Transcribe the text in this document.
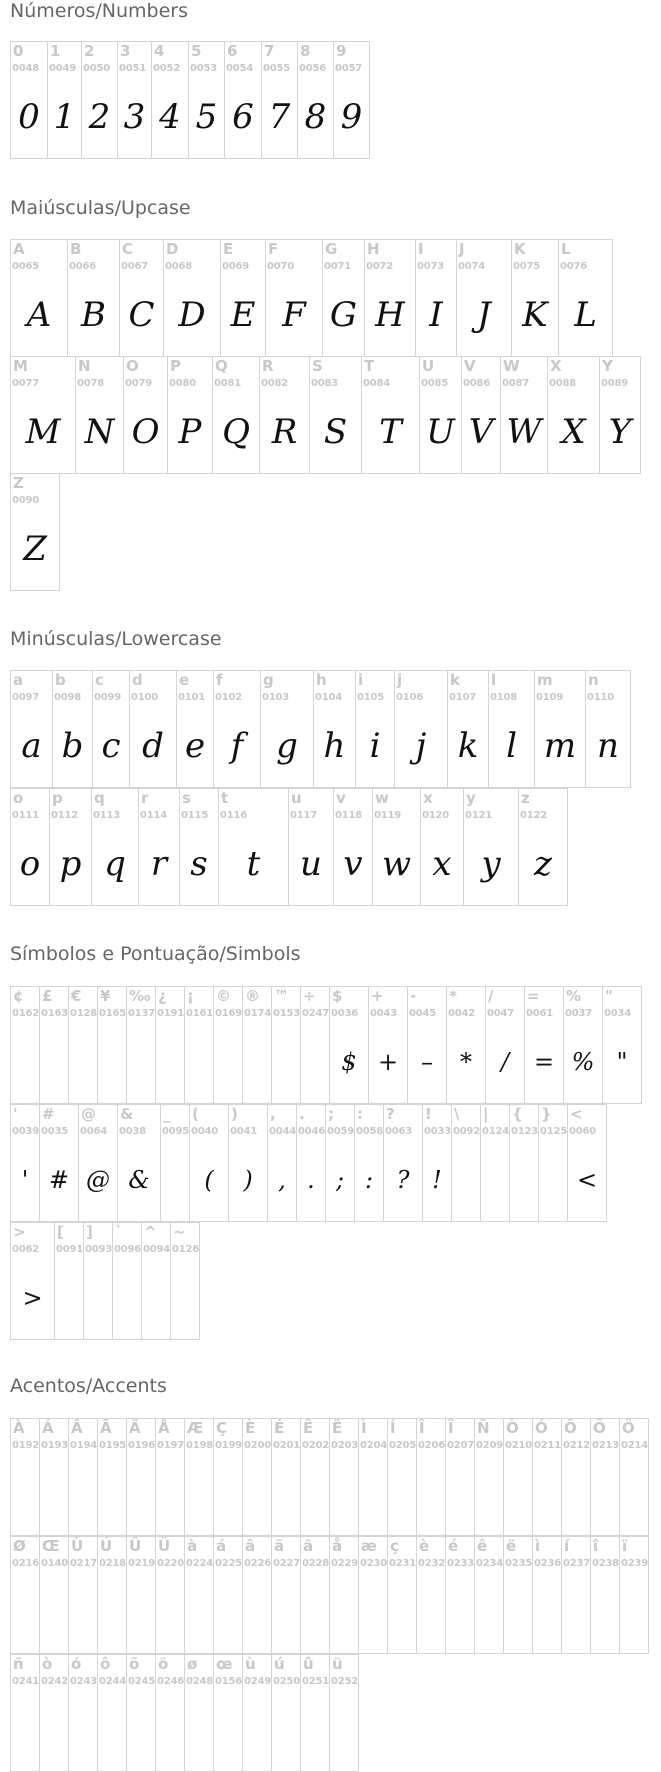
Números/Numbers
0
0048
0
1
0049
1
2
0050
2
3
0051
3
4
0052
4
5
0053
5
6
0054
6
7
0055
7
8
0056
8
9
0057
9
Maiúsculas/Upcase
A
0065
A
B
0066
B
C
0067
C
D
0068
D
E
0069
E
F
0070
F
G
0071
G
H
0072
H
I
0073
I
J
0074
J
K
0075
K
L
0076
L
M
0077
M
N
0078
N
O
0079
O
P
0080
P
Q
0081
Q
R
0082
R
S
0083
S
T
0084
T
U
0085
U
V
0086
V
W
0087
W
X
0088
X
Y
0089
Y
Z
0090
Z
Minúsculas/Lowercase
a
0097
a
b
0098
b
c
0099
c
d
0100
d
e
0101
e
f
0102
f
g
0103
g
h
0104
h
i
0105
i
j
0106
j
k
0107
k
l
0108
l
m
0109
m
n
0110
n
o
0111
o
p
0112
p
q
0113
q
r
0114
r
s
0115
s
t
0116
t
u
0117
u
v
0118
v
w
0119
w
x
0120
x
y
0121
y
z
0122
z
Símbolos e Pontuação/Simbols
¢
0162
£
0163
€
0128
¥
0165
‰
0137
¿
0191
¡
0161
©
0169
®
0174
™
0153
÷
0247
$
0036
$
+
0043
+
-
0045
–
*
0042
*
/
0047
/
=
0061
=
%
0037
%
"
0034
"
'
0039
'
#
0035
#
@
0064
@
&
0038
&
_
0095
(
0040
(
)
0041
)
,
0044
,
.
0046
.
;
0059
;
:
0058
:
?
0063
?
!
0033
!
\
0092
|
0124
{
0123
}
0125
<
0060
<
>
0062
>
[
0091
]
0093
`
0096
^
0094
~
0126
Acentos/Accents
À
0192
Á
0193
Â
0194
Ã
0195
Ä
0196
Å
0197
Æ
0198
Ç
0199
È
0200
É
0201
Ê
0202
Ë
0203
Ì
0204
Í
0205
Î
0206
Ï
0207
Ñ
0209
Ò
0210
Ó
0211
Ô
0212
Õ
0213
Ö
0214
Ø
0216
Œ
0140
Ù
0217
Ú
0218
Û
0219
Ü
0220
à
0224
á
0225
â
0226
ã
0227
ä
0228
å
0229
æ
0230
ç
0231
è
0232
é
0233
ê
0234
ë
0235
ì
0236
í
0237
î
0238
ï
0239
ñ
0241
ò
0242
ó
0243
ô
0244
õ
0245
ö
0246
ø
0248
œ
0156
ù
0249
ú
0250
û
0251
ü
0252
